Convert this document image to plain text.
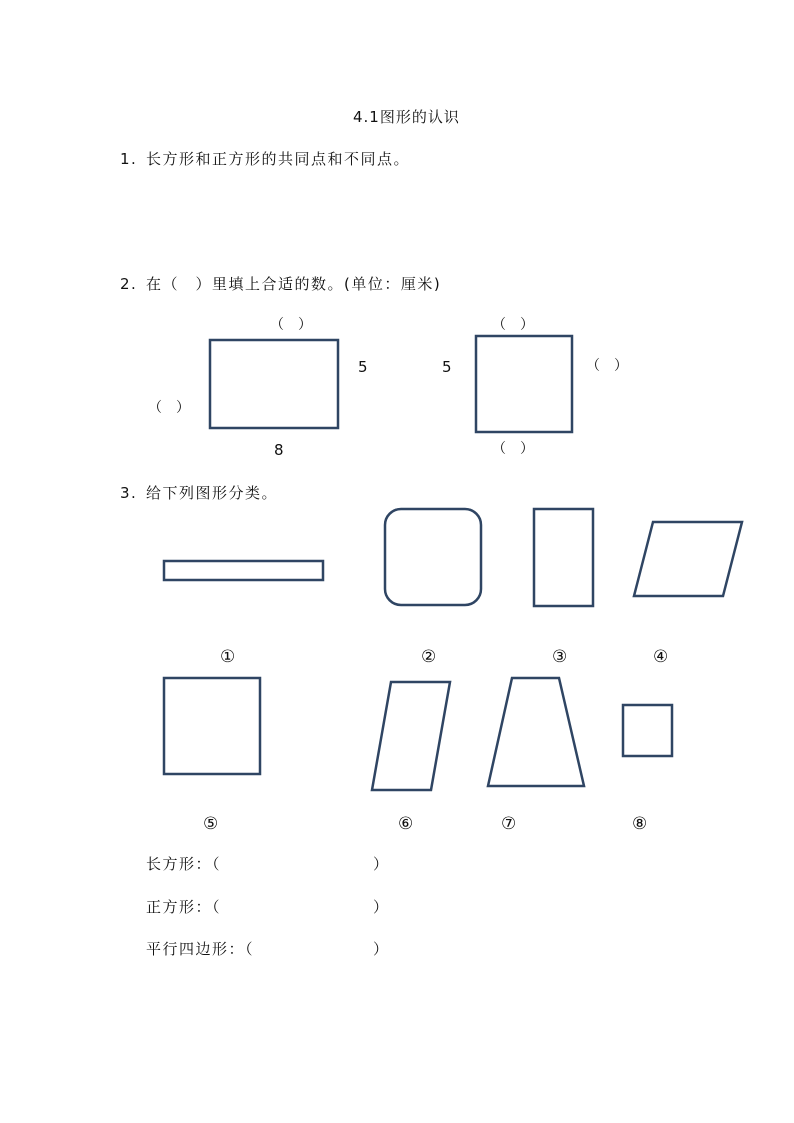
4.1图形的认识
1. 长方形和正方形的共同点和不同点。
2. 在（　）里填上合适的数。(单位：厘米)
（　）
5
（　）
8
5
（　）
（　）
（　）
3. 给下列图形分类。
①	②	③	④
⑤	⑥	⑦	⑧
长方形：（	）
正方形：（	）
平行四边形：（	）
